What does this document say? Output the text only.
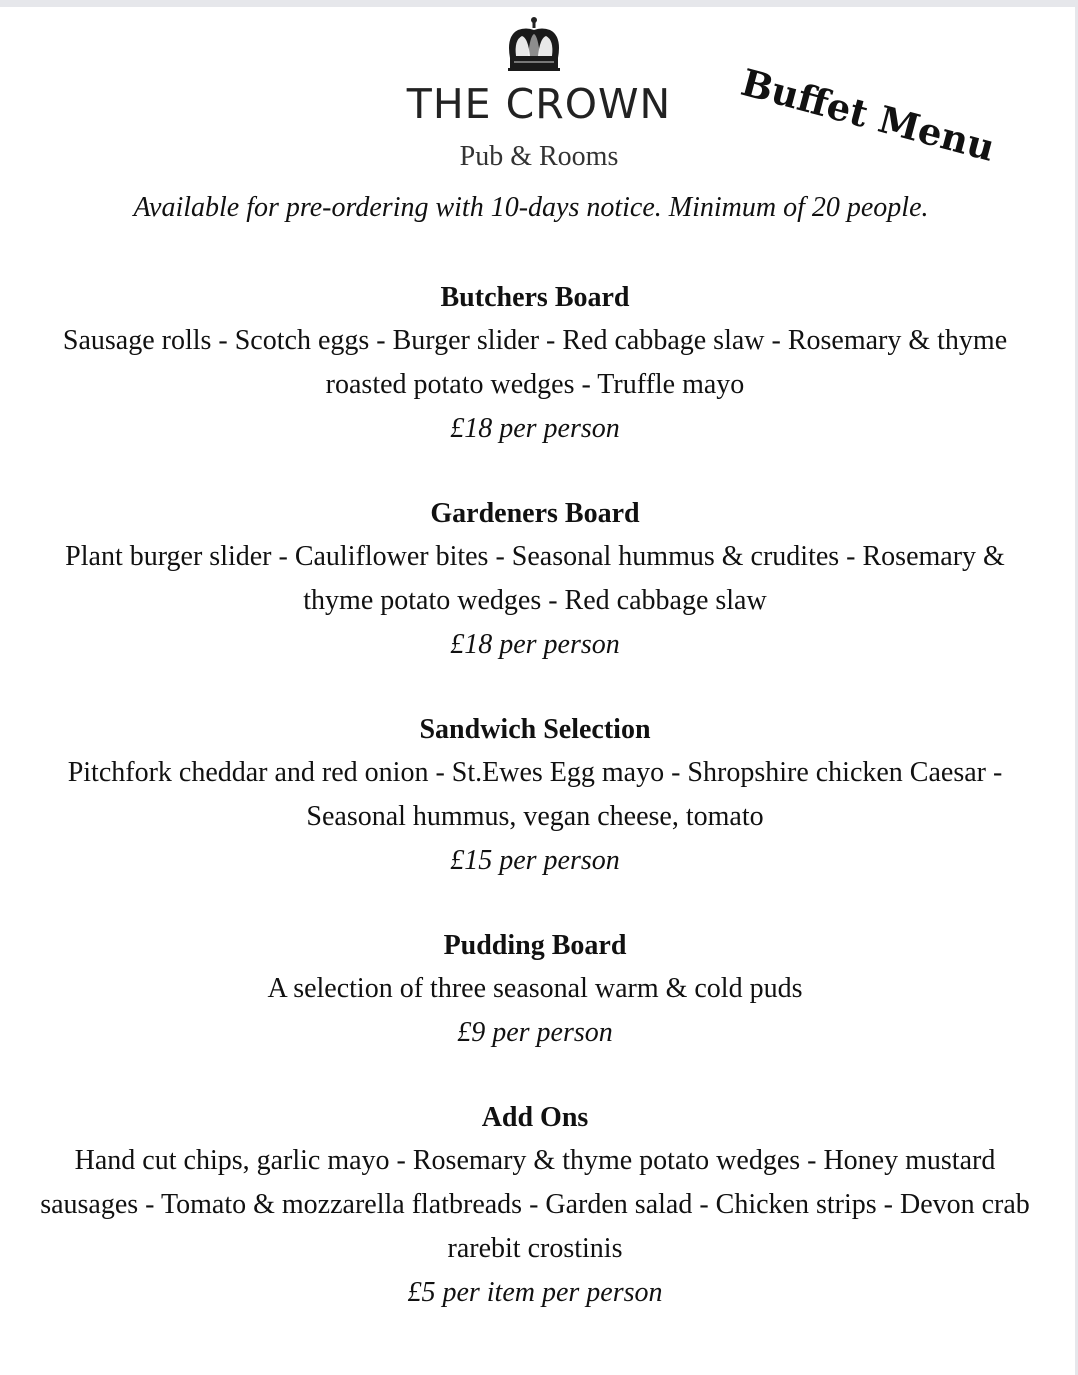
THE CROWN
Pub & Rooms	Buffet Menu
Available for pre-ordering with 10-days notice. Minimum of 20 people.
Butchers Board
Sausage rolls - Scotch eggs - Burger slider - Red cabbage slaw - Rosemary & thyme roasted potato wedges - Truffle mayo
£18 per person
Gardeners Board
Plant burger slider - Cauliflower bites - Seasonal hummus & crudites - Rosemary & thyme potato wedges - Red cabbage slaw
£18 per person
Sandwich Selection
Pitchfork cheddar and red onion - St.Ewes Egg mayo - Shropshire chicken Caesar - Seasonal hummus, vegan cheese, tomato
£15 per person
Pudding Board
A selection of three seasonal warm & cold puds
£9 per person
Add Ons
Hand cut chips, garlic mayo - Rosemary & thyme potato wedges - Honey mustard sausages - Tomato & mozzarella flatbreads - Garden salad - Chicken strips - Devon crab rarebit crostinis
£5 per item per person
